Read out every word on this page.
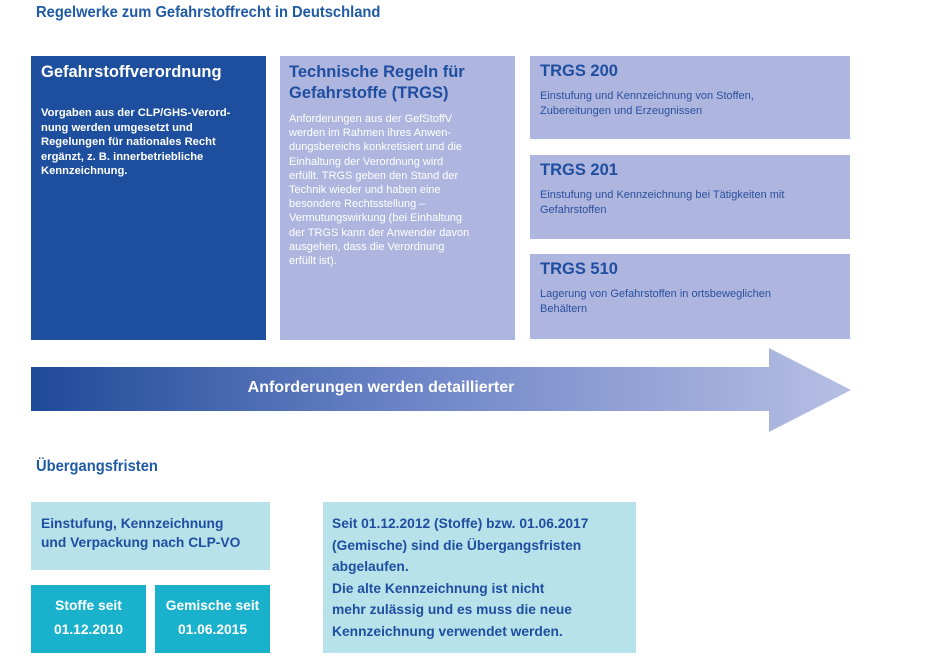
Regelwerke zum Gefahrstoffrecht in Deutschland
Gefahrstoffverordnung

Vorgaben aus der CLP/GHS-Verord-
nung werden umgesetzt und
Regelungen für nationales Recht
ergänzt, z. B. innerbetriebliche
Kennzeichnung.

Technische Regeln für
Gefahrstoffe (TRGS)

Anforderungen aus der GefStoffV
werden im Rahmen ihres Anwen-
dungsbereichs konkretisiert und die
Einhaltung der Verordnung wird
erfüllt. TRGS geben den Stand der
Technik wieder und haben eine
besondere Rechtsstellung –
Vermutungswirkung (bei Einhaltung
der TRGS kann der Anwender davon
ausgehen, dass die Verordnung
erfüllt ist).

TRGS 200

Einstufung und Kennzeichnung von Stoffen,
Zubereitungen und Erzeugnissen

TRGS 201

Einstufung und Kennzeichnung bei Tätigkeiten mit
Gefahrstoffen

TRGS 510

Lagerung von Gefahrstoffen in ortsbeweglichen
Behältern

Anforderungen werden detaillierter
Übergangsfristen
Einstufung, Kennzeichnung
und Verpackung nach CLP-VO
Stoffe seit
01.12.2010
Gemische seit
01.06.2015
Seit 01.12.2012 (Stoffe) bzw. 01.06.2017
(Gemische) sind die Übergangsfristen
abgelaufen.
Die alte Kennzeichnung ist nicht
mehr zulässig und es muss die neue
Kennzeichnung verwendet werden.
